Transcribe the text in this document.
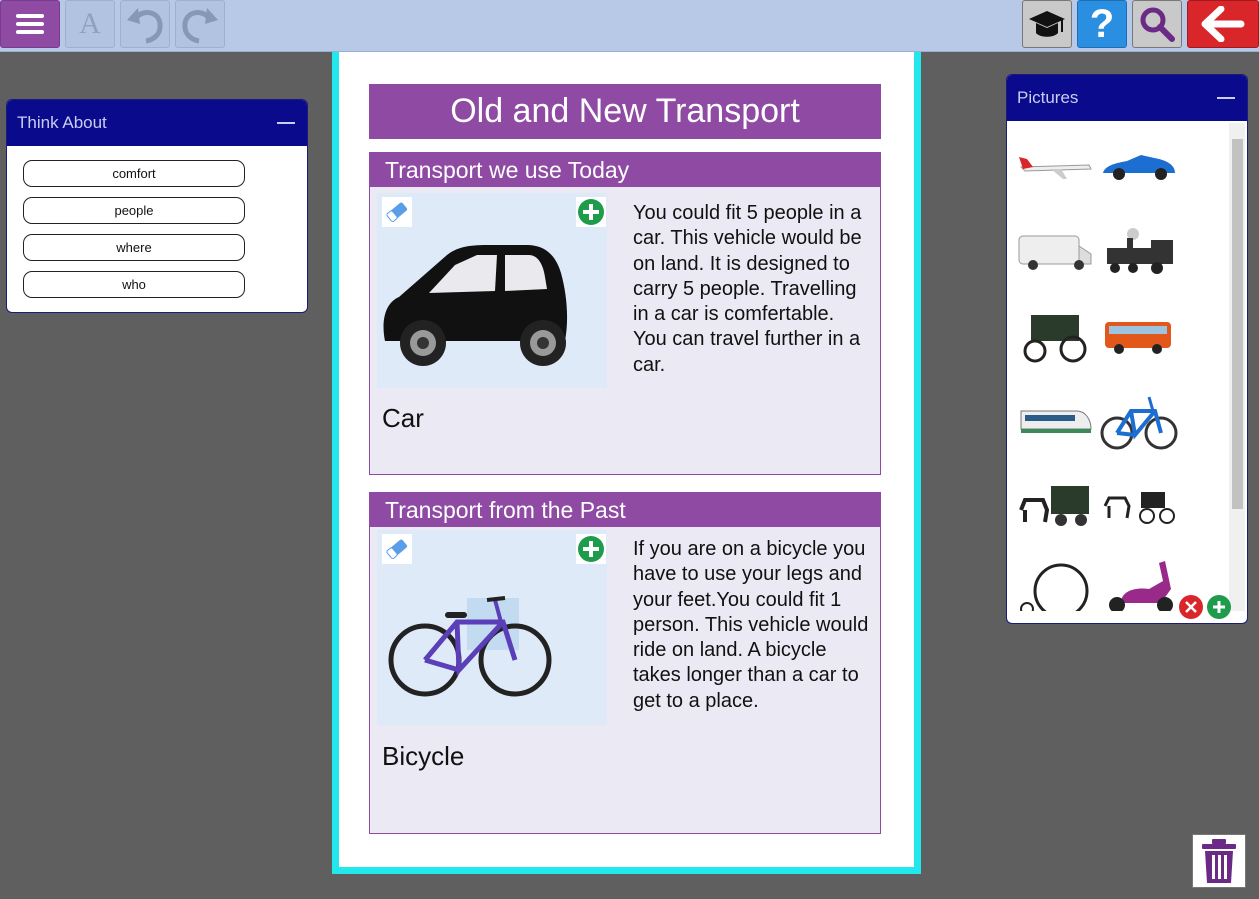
A	?
Think About
comfort
people
where
who
Old and New Transport
Transport we use Today
Car
You could fit 5 people in a car. This vehicle would be on land. It is designed to carry 5 people. Travelling in a car is comfertable. You can travel further in a car.
Transport from the Past
Bicycle
If you are on a bicycle you have to use your legs and your feet.You could fit 1 person. This vehicle would ride on land. A bicycle takes longer than a car to get to a place.
Pictures
